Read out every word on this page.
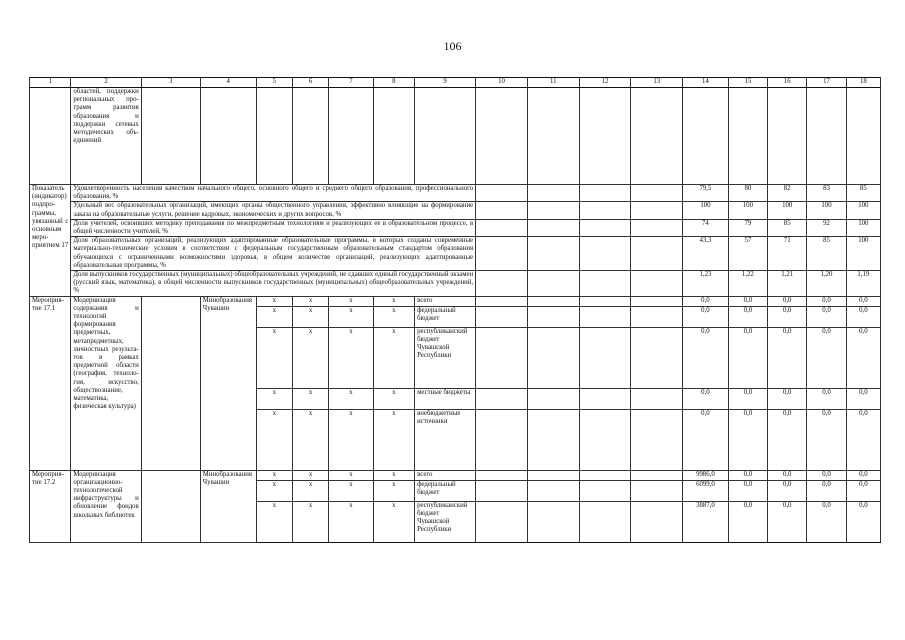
106
1	2	3	4	5	6	7	8	9	10	11	12	13	14	15	16	17	18
	областей, поддержки региональных программ развития образования и поддержки сетевых методических объединений																
Показатель (индикатор) подпрограммы, увязанный с основным мероприятием 17	Удовлетворенность населения качеством начального общего, основного общего и среднего общего образования, профессионального образования, %												79,5	80	82	83	85
	Удельный вес образовательных организаций, имеющих органы общественного управления, эффективно влияющие на формирование заказа на образовательные услуги, решение кадровых, экономических и других вопросов, %												100	100	100	100	100
	Доля учителей, освоивших методику преподавания по межпредметным технологиям и реализующих ее в образовательном процессе, в общей численности учителей, %												74	79	85	92	100
	Доля образовательных организаций, реализующих адаптированные образовательные программы, в которых созданы современные материально-технические условия в соответствии с федеральным государственным образовательным стандартом образования обучающихся с ограниченными возможностями здоровья, в общем количестве организаций, реализующих адаптированные образовательные программы, %												43,3	57	71	85	100
	Доля выпускников государственных (муниципальных) общеобразовательных учреждений, не сдавших единый государственный экзамен (русский язык, математика), в общей численности выпускников государственных (муниципальных) общеобразовательных учреждений, %												1,23	1,22	1,21	1,20	1,19
Мероприятие 17.1	Модернизация содержания и технологий формирования предметных, метапредметных, личностных результатов в рамках предметной области (география, технология, искусство, обществознание, математика, физическая культура)		Минобразования Чувашии	x	x	x	x	всего					0,0	0,0	0,0	0,0	0,0
				x	x	x	x	федеральный бюджет					0,0	0,0	0,0	0,0	0,0
				x	x	x	x	республиканский бюджет Чувашской Республики					0,0	0,0	0,0	0,0	0,0
				x	x	x	x	местные бюджеты					0,0	0,0	0,0	0,0	0,0
				x	x	x	x	внебюджетные источники					0,0	0,0	0,0	0,0	0,0
Мероприятие 17.2	Модернизация организационно-технологической инфраструктуры и обновление фондов школьных библиотек		Минобразования Чувашии	x	x	x	x	всего					9986,0	0,0	0,0	0,0	0,0
				x	x	x	x	федеральный бюджет					6099,0	0,0	0,0	0,0	0,0
				x	x	x	x	республиканский бюджет Чувашской Республики					3887,0	0,0	0,0	0,0	0,0
